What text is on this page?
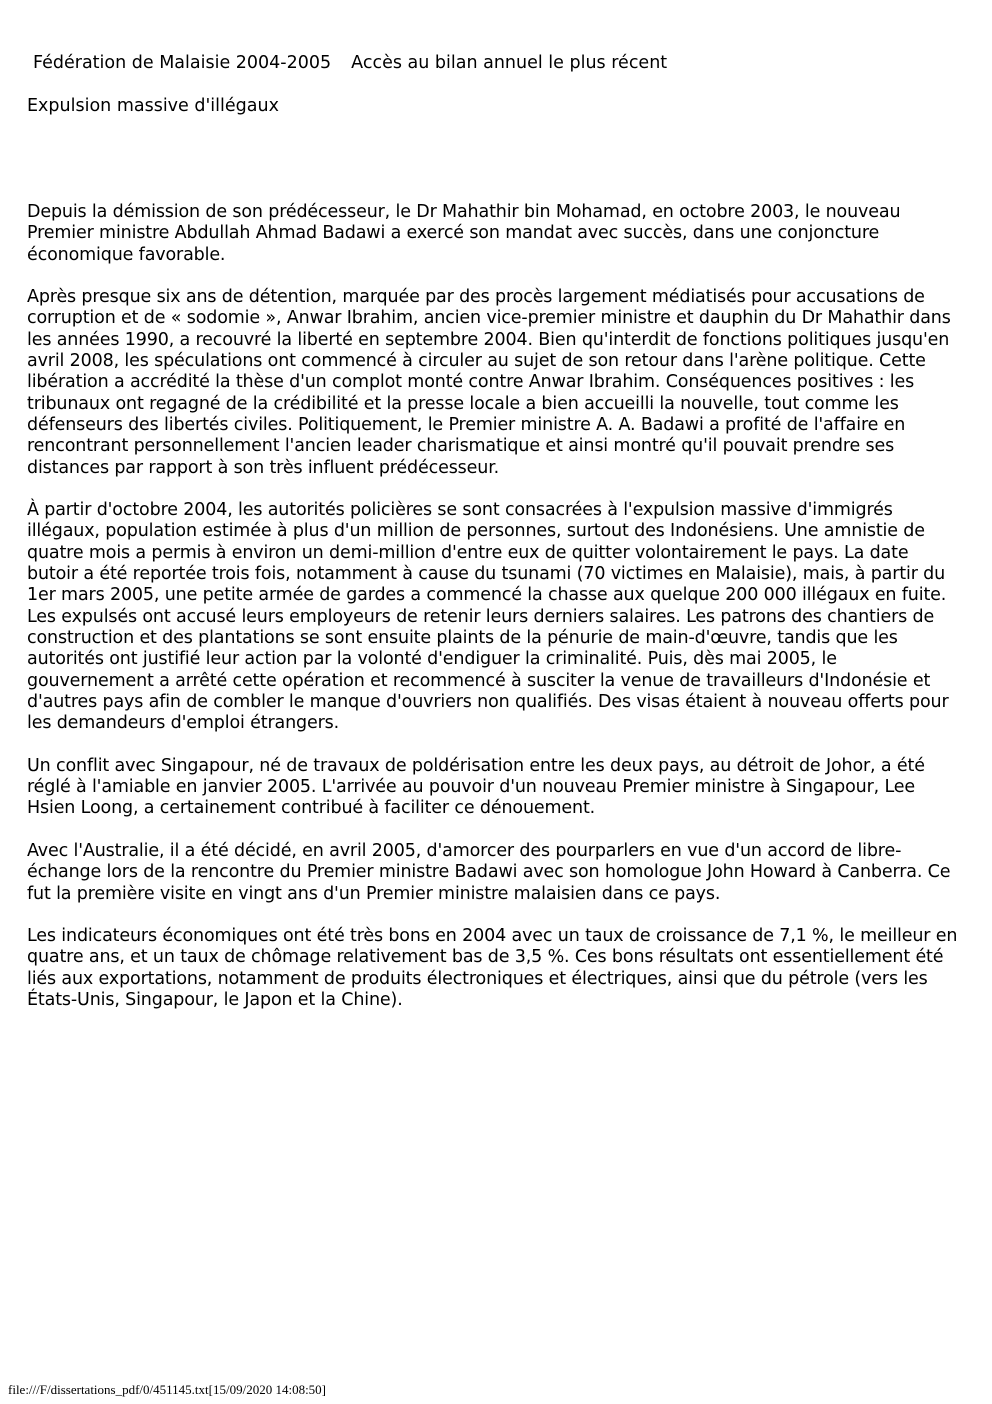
Fédération de Malaisie 2004-2005 Accès au bilan annuel le plus récent
Expulsion massive d'illégaux

Depuis la démission de son prédécesseur, le Dr Mahathir bin Mohamad, en octobre 2003, le nouveau Premier ministre Abdullah Ahmad Badawi a exercé son mandat avec succès, dans une conjoncture économique favorable.

Après presque six ans de détention, marquée par des procès largement médiatisés pour accusations de corruption et de « sodomie », Anwar Ibrahim, ancien vice-premier ministre et dauphin du Dr Mahathir dans les années 1990, a recouvré la liberté en septembre 2004. Bien qu'interdit de fonctions politiques jusqu'en avril 2008, les spéculations ont commencé à circuler au sujet de son retour dans l'arène politique. Cette libération a accrédité la thèse d'un complot monté contre Anwar Ibrahim. Conséquences positives : les tribunaux ont regagné de la crédibilité et la presse locale a bien accueilli la nouvelle, tout comme les défenseurs des libertés civiles. Politiquement, le Premier ministre A. A. Badawi a profité de l'affaire en rencontrant personnellement l'ancien leader charismatique et ainsi montré qu'il pouvait prendre ses distances par rapport à son très influent prédécesseur.

À partir d'octobre 2004, les autorités policières se sont consacrées à l'expulsion massive d'immigrés illégaux, population estimée à plus d'un million de personnes, surtout des Indonésiens. Une amnistie de quatre mois a permis à environ un demi-million d'entre eux de quitter volontairement le pays. La date butoir a été reportée trois fois, notamment à cause du tsunami (70 victimes en Malaisie), mais, à partir du 1er mars 2005, une petite armée de gardes a commencé la chasse aux quelque 200 000 illégaux en fuite. Les expulsés ont accusé leurs employeurs de retenir leurs derniers salaires. Les patrons des chantiers de construction et des plantations se sont ensuite plaints de la pénurie de main-d'œuvre, tandis que les autorités ont justifié leur action par la volonté d'endiguer la criminalité. Puis, dès mai 2005, le gouvernement a arrêté cette opération et recommencé à susciter la venue de travailleurs d'Indonésie et d'autres pays afin de combler le manque d'ouvriers non qualifiés. Des visas étaient à nouveau offerts pour les demandeurs d'emploi étrangers.

Un conflit avec Singapour, né de travaux de poldérisation entre les deux pays, au détroit de Johor, a été réglé à l'amiable en janvier 2005. L'arrivée au pouvoir d'un nouveau Premier ministre à Singapour, Lee Hsien Loong, a certainement contribué à faciliter ce dénouement.

Avec l'Australie, il a été décidé, en avril 2005, d'amorcer des pourparlers en vue d'un accord de libre-échange lors de la rencontre du Premier ministre Badawi avec son homologue John Howard à Canberra. Ce fut la première visite en vingt ans d'un Premier ministre malaisien dans ce pays.

Les indicateurs économiques ont été très bons en 2004 avec un taux de croissance de 7,1 %, le meilleur en quatre ans, et un taux de chômage relativement bas de 3,5 %. Ces bons résultats ont essentiellement été liés aux exportations, notamment de produits électroniques et électriques, ainsi que du pétrole (vers les États-Unis, Singapour, le Japon et la Chine).

file:///F/dissertations_pdf/0/451145.txt[15/09/2020 14:08:50]
